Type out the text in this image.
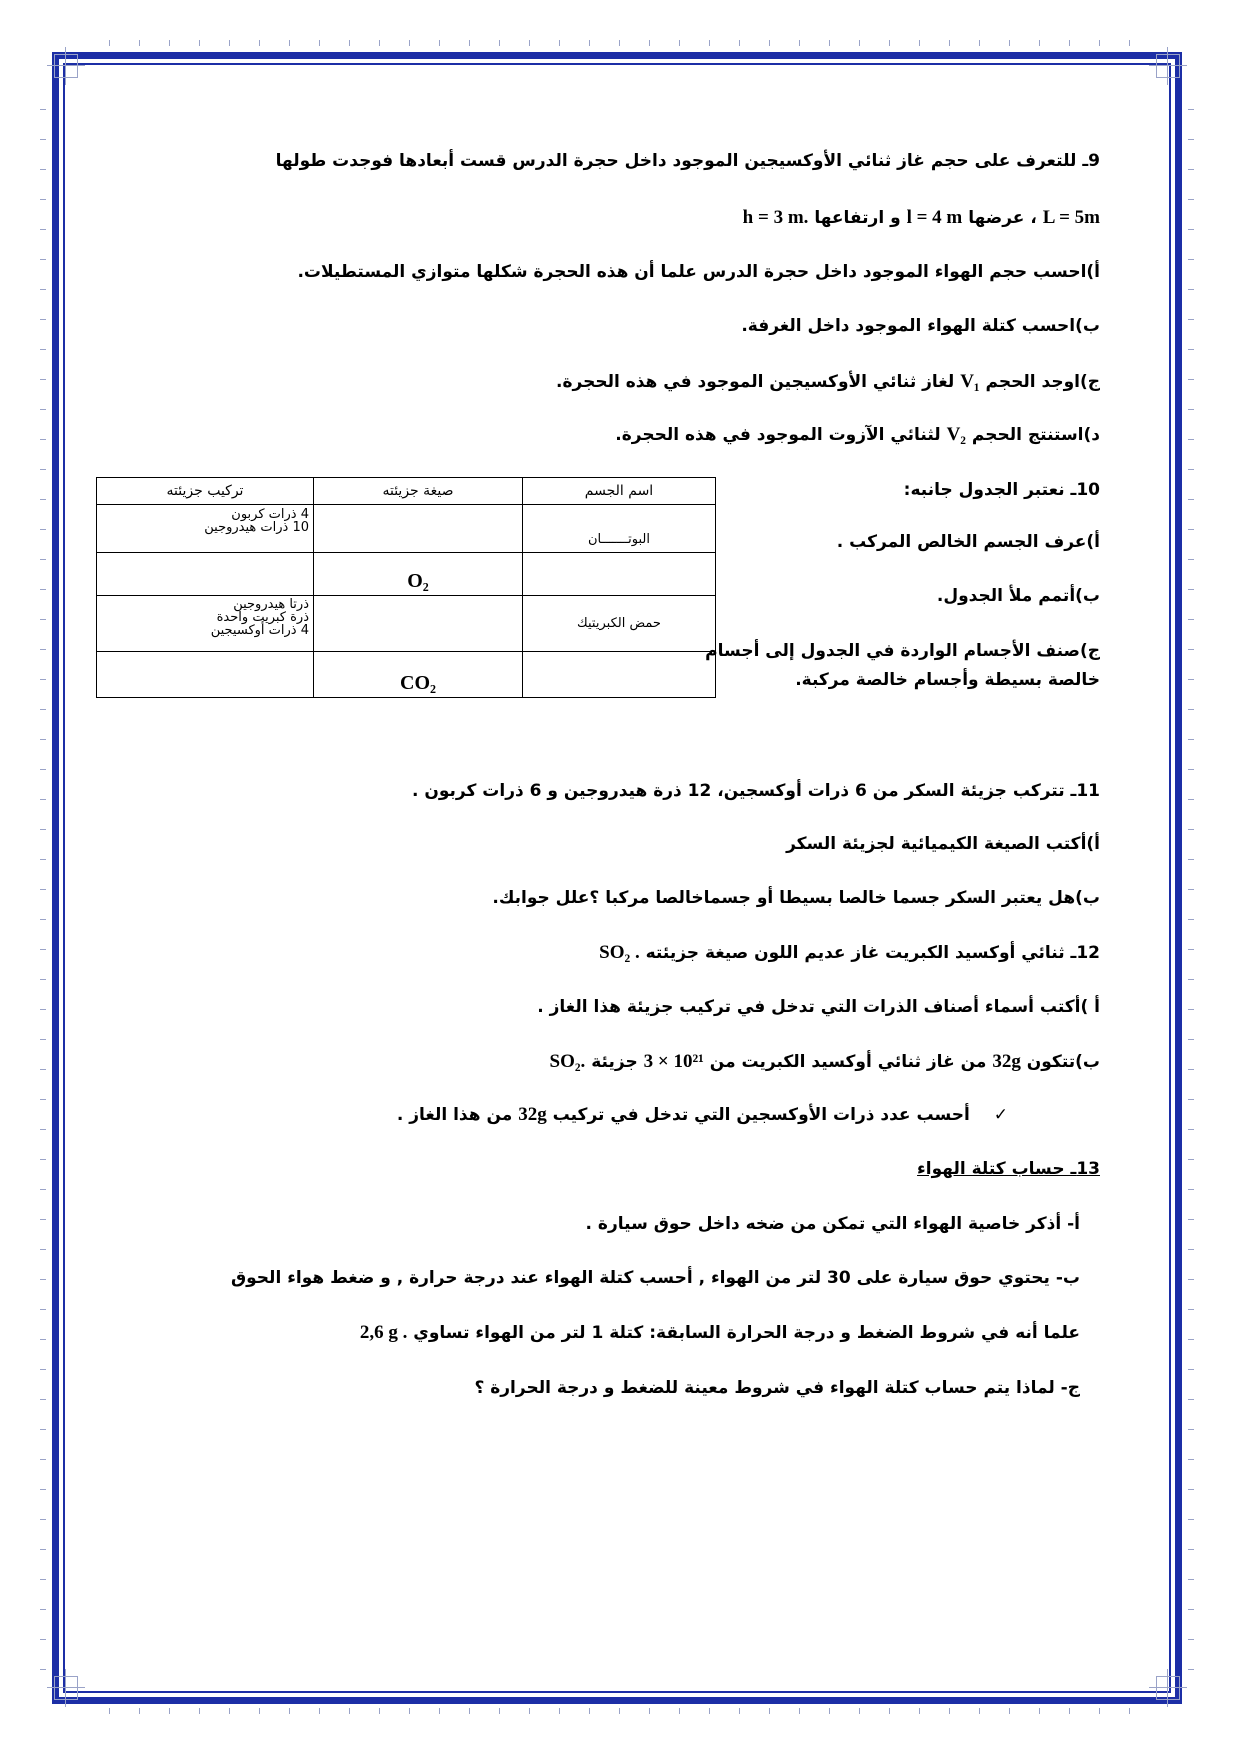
9ـ للتعرف على حجم غاز ثنائي الأوكسيجين الموجود داخل حجرة الدرس قست أبعادها فوجدت طولها
L = 5m ، عرضها l = 4 m و ارتفاعها h = 3 m.
أ)احسب حجم الهواء الموجود داخل حجرة الدرس علما أن هذه الحجرة شكلها متوازي المستطيلات.
ب)احسب كتلة الهواء الموجود داخل الغرفة.
ج)اوجد الحجم V₁ لغاز ثنائي الأوكسيجين الموجود في هذه الحجرة.
د)استنتج الحجم V₂ لثنائي الآزوت الموجود في هذه الحجرة.
10ـ نعتبر الجدول جانبه:
أ)عرف الجسم الخالص المركب .
ب)أتمم ملأ الجدول.
ج)صنف الأجسام الواردة في الجدول إلى أجسام
خالصة بسيطة وأجسام خالصة مركبة.
اسم الجسم	صيغة جزيئته	تركيب جزيئته
البوتـــــــان		4 ذرات كربون
10 ذرات هيدروجين

	O₂	

حمض الكبريتيك		ذرتا هيدروجين
ذرة كبريت واحدة
4 ذرات أوكسيجين

	CO₂	
11ـ تتركب جزيئة السكر من 6 ذرات أوكسجين، 12 ذرة هيدروجين و 6 ذرات كربون .
أ)أكتب الصيغة الكيميائية لجزيئة السكر
ب)هل يعتبر السكر جسما خالصا بسيطا أو جسماخالصا مركبا ؟علل جوابك.
12ـ ثنائي أوكسيد الكبريت غاز عديم اللون صيغة جزيئته SO₂ .
أ )أكتب أسماء أصناف الذرات التي تدخل في تركيب جزيئة هذا الغاز .
ب)تتكون 32g من غاز ثنائي أوكسيد الكبريت من 3 × 10²¹ جزيئة SO₂.
✓ أحسب عدد ذرات الأوكسجين التي تدخل في تركيب 32g من هذا الغاز .
13ـ حساب كتلة الهواء
أ- أذكر خاصية الهواء التي تمكن من ضخه داخل حوق سيارة .
ب- يحتوي حوق سيارة على 30 لتر من الهواء , أحسب كتلة الهواء عند درجة حرارة , و ضغط هواء الحوق
علما أنه في شروط الضغط و درجة الحرارة السابقة: كتلة 1 لتر من الهواء تساوي 2,6 g .
ج- لماذا يتم حساب كتلة الهواء في شروط معينة للضغط و درجة الحرارة ؟
